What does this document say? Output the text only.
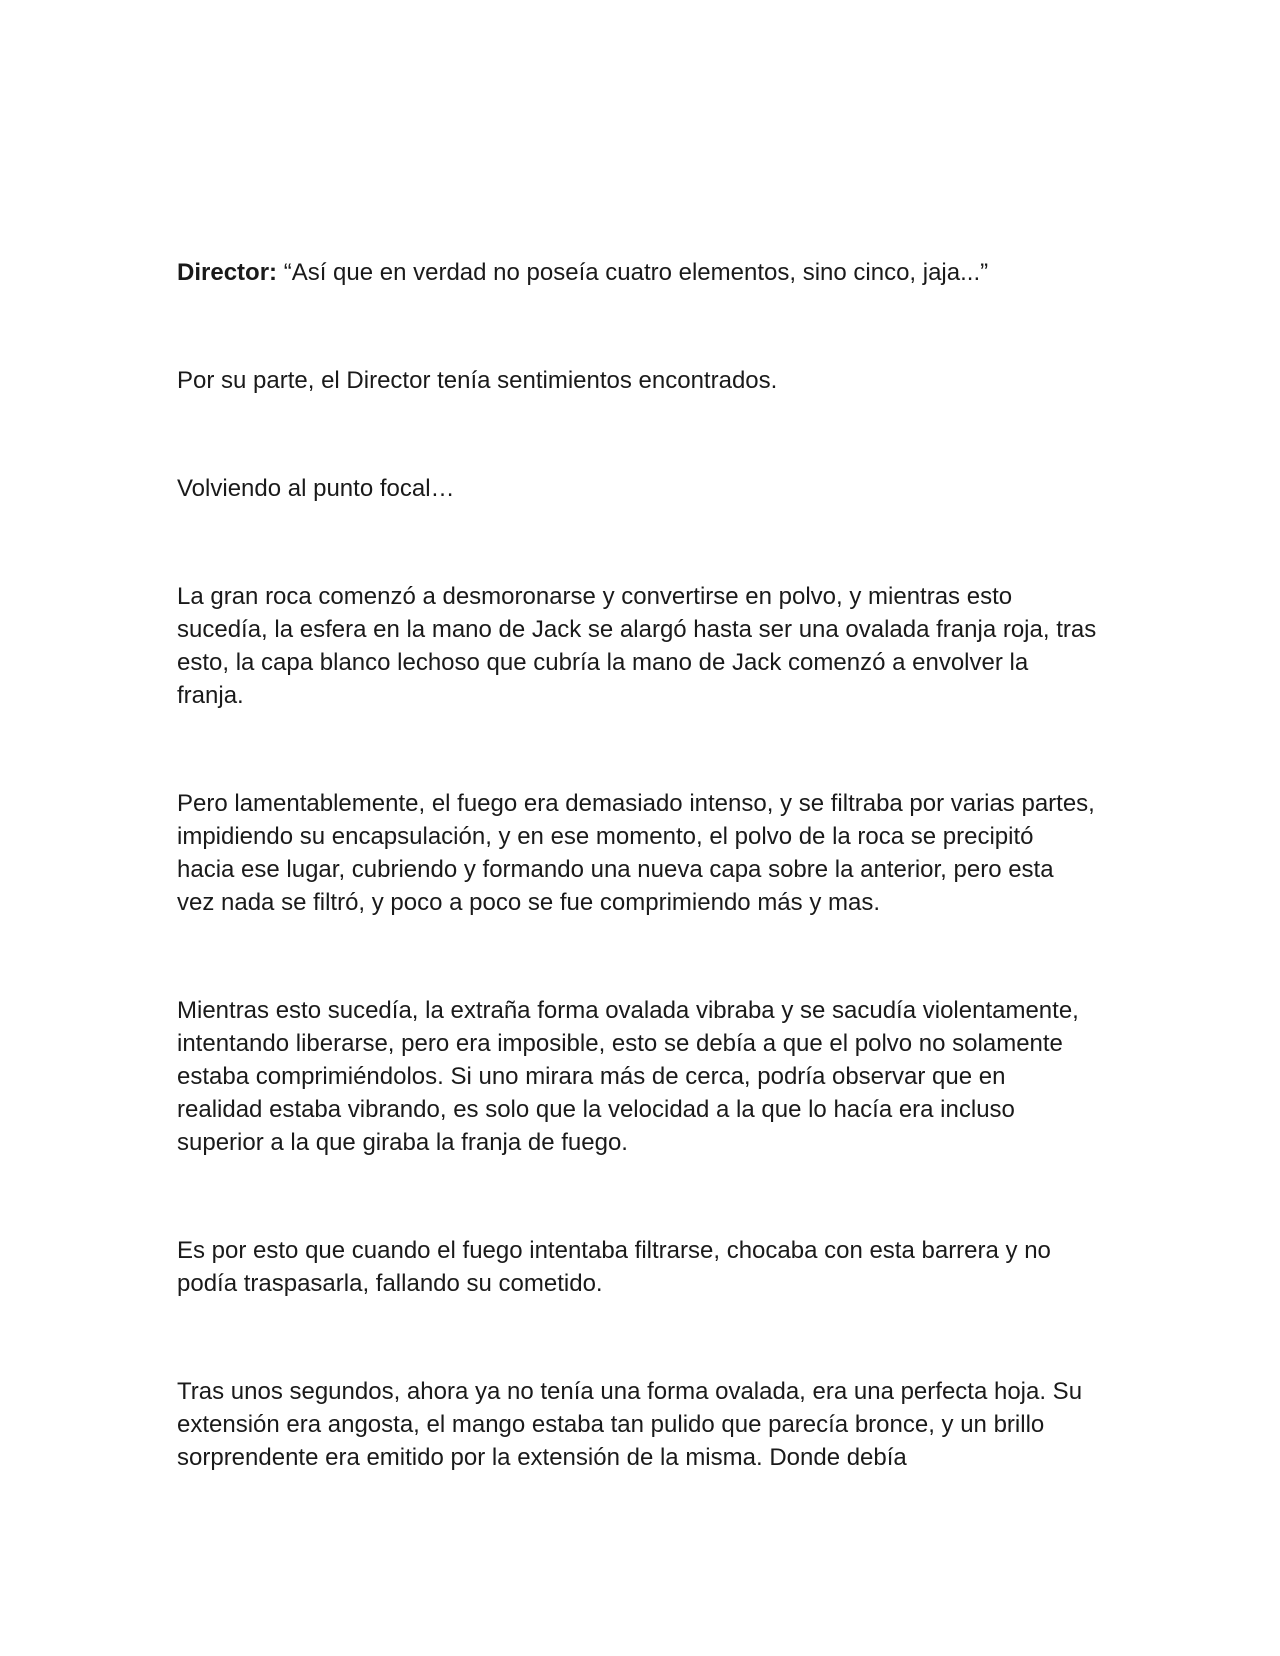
Director: “Así que en verdad no poseía cuatro elementos, sino cinco, jaja...”

Por su parte, el Director tenía sentimientos encontrados.

Volviendo al punto focal…

La gran roca comenzó a desmoronarse y convertirse en polvo, y mientras esto sucedía, la esfera en la mano de Jack se alargó hasta ser una ovalada franja roja, tras esto, la capa blanco lechoso que cubría la mano de Jack comenzó a envolver la franja.

Pero lamentablemente, el fuego era demasiado intenso, y se filtraba por varias partes, impidiendo su encapsulación, y en ese momento, el polvo de la roca se precipitó hacia ese lugar, cubriendo y formando una nueva capa sobre la anterior, pero esta vez nada se filtró, y poco a poco se fue comprimiendo más y mas.

Mientras esto sucedía, la extraña forma ovalada vibraba y se sacudía violentamente, intentando liberarse, pero era imposible, esto se debía a que el polvo no solamente estaba comprimiéndolos. Si uno mirara más de cerca, podría observar que en realidad estaba vibrando, es solo que la velocidad a la que lo hacía era incluso superior a la que giraba la franja de fuego.

Es por esto que cuando el fuego intentaba filtrarse, chocaba con esta barrera y no podía traspasarla, fallando su cometido.

Tras unos segundos, ahora ya no tenía una forma ovalada, era una perfecta hoja. Su extensión era angosta, el mango estaba tan pulido que parecía bronce, y un brillo sorprendente era emitido por la extensión de la misma. Donde debía
